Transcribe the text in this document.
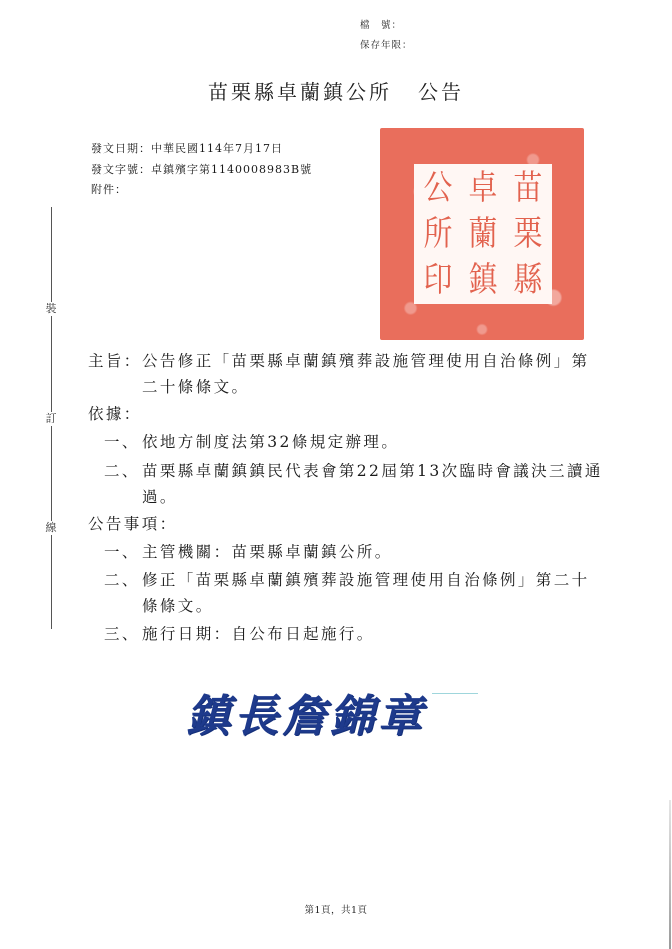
檔　號：
保存年限：
苗栗縣卓蘭鎮公所 公告
發文日期：中華民國114年7月17日
發文字號：卓鎮殯字第1140008983B號
附件：	苗
栗
縣
卓
蘭
鎮
公
所
印
裝
訂
線
主旨： 公告修正「苗栗縣卓蘭鎮殯葬設施管理使用自治條例」第
二十條條文。
依據：
一、 依地方制度法第32條規定辦理。
二、 苗栗縣卓蘭鎮鎮民代表會第22屆第13次臨時會議決三讀通
過。
公告事項：
一、 主管機關：苗栗縣卓蘭鎮公所。
二、 修正「苗栗縣卓蘭鎮殯葬設施管理使用自治條例」第二十
條條文。
三、 施行日期：自公布日起施行。
鎮長詹錦章
第1頁，共1頁
